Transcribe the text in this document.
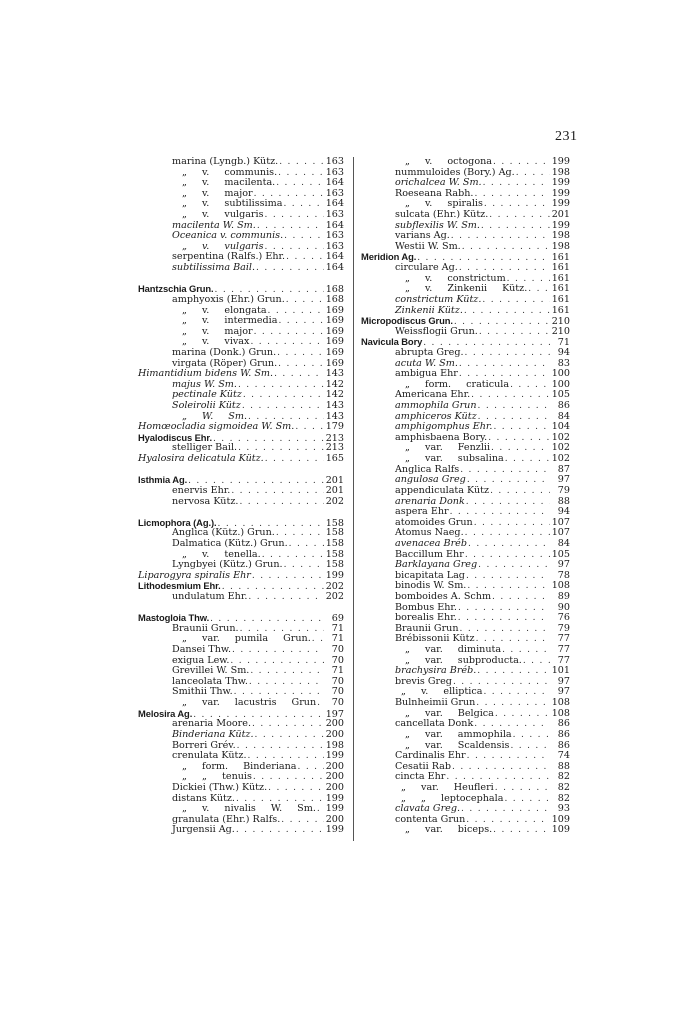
231
marina (Lyngb.) Kütz. . . .	163
„ v. communis. . . .	163
„ v. macilenta. . . .	164
„ v. major . . .	163
„ v. subtilissima . . .	164
„ v. vulgaris . . .	163
macilenta W. Sm. . . .	164
Oceanica v. communis. . . .	163
„ v. vulgaris . . .	163
serpentina (Ralfs.) Ehr. . . .	164
subtilissima Bail. . . .	164
Hantzschia Grun. . . .	168
amphyoxis (Ehr.) Grun. . . .	168
„ v. elongata . . .	169
„ v. intermedia . . .	169
„ v. major . . .	169
„ v. vivax . . .	169
marina (Donk.) Grun. . . .	169
virgata (Röper) Grun. . . .	169
Himantidium bidens W. Sm. . . .	143
majus W. Sm. . . .	142
pectinale Kütz . . .	142
Soleirolii Kütz . . .	143
„ W. Sm. . . .	143
Homœocladia sigmoidea W. Sm. . . .	179
Hyalodiscus Ehr. . . .	213
stelliger Bail. . . .	213
Hyalosira delicatula Kütz. . . .	165
Isthmia Ag. . . .	201
enervis Ehr. . . .	201
nervosa Kütz. . . .	202
Licmophora (Ag.). . . .	158
Anglica (Kütz.) Grun. . . .	158
Dalmatica (Kütz.) Grun. . . .	158
„ v. tenella. . . .	158
Lyngbyei (Kütz.) Grun. . . .	158
Liparogyra spiralis Ehr . . .	199
Lithodesmium Ehr. . . .	202
undulatum Ehr. . . .	202
Mastogloia Thw. . . .	69
Braunii Grun. . . .	71
„ var. pumila Grun. . . .	71
Dansei Thw. . . .	70
exigua Lew. . . .	70
Grevillei W. Sm. . . .	71
lanceolata Thw. . . .	70
Smithii Thw. . . .	70
„ var. lacustris Grun . . .	70
Melosira Ag. . . .	197
arenaria Moore. . . .	200
Binderiana Kütz. . . .	200
Borreri Grév. . . .	198
crenulata Kütz. . . .	199
„ form. Binderiana . . .	200
„ „ tenuis . . .	200
Dickiei (Thw.) Kütz. . . .	200
distans Kütz. . . .	199
„ v. nivalis W. Sm. . . . 199
granulata (Ehr.) Ralfs. . . .	200
Jurgensii Ag. . . .	199
„ v. octogona . . .	199
nummuloides (Bory.) Ag. . . .	198
orichalcea W. Sm. . . .	199
Roeseana Rabh. . . .	199
„ v. spiralis . . .	199
sulcata (Ehr.) Kütz. . . .	201
subflexilis W. Sm. . . .	199
varians Ag. . . .	198
Westii W. Sm. . . .	198
Meridion Ag. . . .	161
circulare Ag. . . .	161
„ v. constrictum . . .	161
„ v. Zinkenii Kütz. . . .	161
constrictum Kütz. . . .	161
Zinkenii Kütz. . . .	161
Micropodiscus Grun. . . .	210
Weissflogii Grun. . . .	210
Navicula Bory . . .	71
abrupta Greg. . . .	94
acuta W. Sm. . . .	83
ambigua Ehr . . .	100
„ form. craticula . . .	100
Americana Ehr. . . .	105
ammophila Grun . . .	86
amphiceros Kütz . . .	84
amphigomphus Ehr. . . .	104
amphisbaena Bory. . . .	102
„ var. Fenzlii . . .	102
„ var. subsalina . . .	102
Anglica Ralfs . . .	87
angulosa Greg . . .	97
appendiculata Kütz . . .	79
arenaria Donk . . .	88
aspera Ehr . . .	94
atomoides Grun . . .	107
Atomus Naeg. . . .	107
avenacea Bréb . . .	84
Baccillum Ehr . . .	105
Barklayana Greg . . .	97
bicapitata Lag . . .	78
binodis W. Sm. . . .	108
bomboides A. Schm . . .	89
Bombus Ehr. . . .	90
borealis Ehr. . . .	76
Braunii Grun . . .	79
Brébissonii Kütz . . .	77
„ var. diminuta . . .	77
„ var. subproducta. . . .	77
brachysira Bréb. . . .	101
brevis Greg . . .	97
„ v. elliptica . . .	97
Bulnheimii Grun . . .	108
„ var. Belgica . . .	108
cancellata Donk . . .	86
„ var. ammophila . . .	86
„ var. Scaldensis . . .	86
Cardinalis Ehr . . .	74
Cesatii Rab . . .	88
cincta Ehr . . .	82
„ var. Heufleri . . .	82
„ „ leptocephala . . .	82
clavata Greg. . . .	93
contenta Grun . . .	109
„ var. biceps. . . .	109
